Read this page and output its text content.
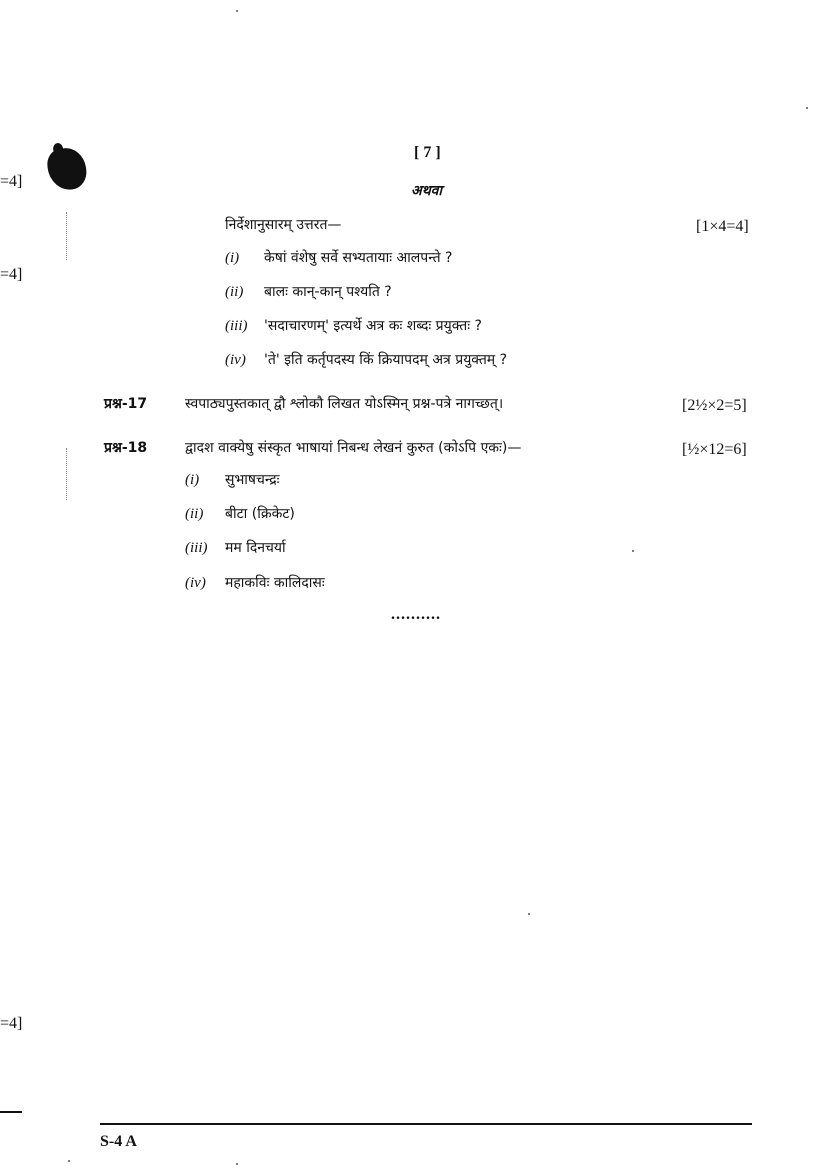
=4]
=4]
=4]
[ 7 ]
अथवा
निर्देशानुसारम् उत्तरत—	[1×4=4]
(i) केषां वंशेषु सर्वे सभ्यतायाः आलपन्ते ?
(ii) बालः कान्-कान् पश्यति ?
(iii) 'सदाचारणम्' इत्यर्थे अत्र कः शब्दः प्रयुक्तः ?
(iv) 'ते' इति कर्तृपदस्य किं क्रियापदम् अत्र प्रयुक्तम् ?
प्रश्न-17	स्वपाठ्यपुस्तकात् द्वौ श्लोकौ लिखत योऽस्मिन् प्रश्न-पत्रे नागच्छत्।	[2½×2=5]
प्रश्न-18	द्वादश वाक्येषु संस्कृत भाषायां निबन्ध लेखनं कुरुत (कोऽपि एकः)—	[½×12=6]
(i) सुभाषचन्द्रः
(ii) बीटा (क्रिकेट)
(iii) मम दिनचर्या
(iv) महाकविः कालिदासः
..........
S-4 A
